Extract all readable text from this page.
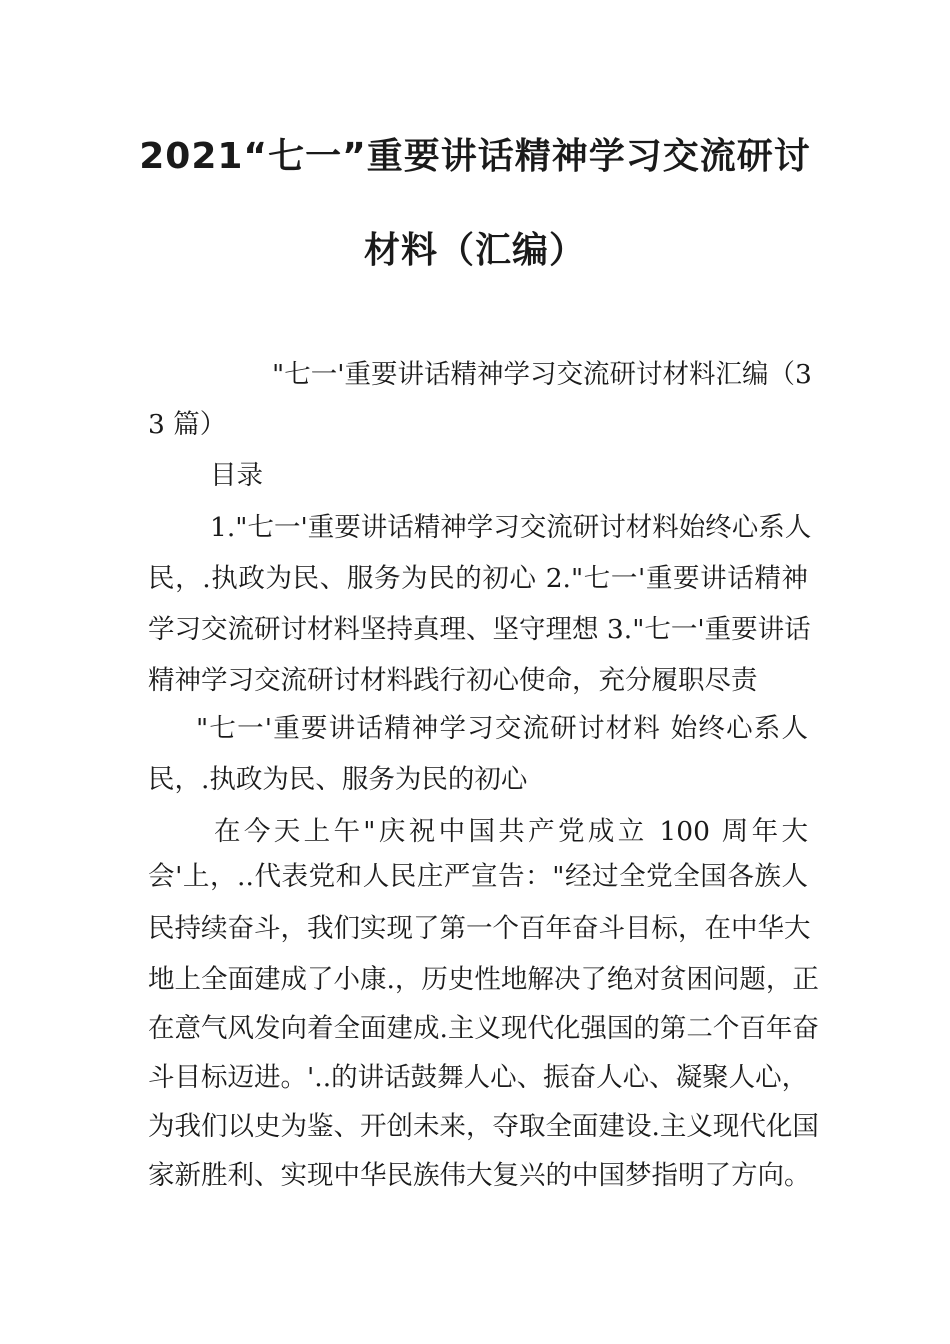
2021“七一”重要讲话精神学习交流研讨
材料（汇编）
"七一'重要讲话精神学习交流研讨材料汇编（3
3 篇）
目录
1."七一'重要讲话精神学习交流研讨材料始终心系人
民，.执政为民、服务为民的初心 2."七一'重要讲话精神
学习交流研讨材料坚持真理、坚守理想 3."七一'重要讲话
精神学习交流研讨材料践行初心使命，充分履职尽责
"七一'重要讲话精神学习交流研讨材料 始终心系人
民，.执政为民、服务为民的初心
在今天上午"庆祝中国共产党成立 100 周年大
会'上，..代表党和人民庄严宣告："经过全党全国各族人
民持续奋斗，我们实现了第一个百年奋斗目标，在中华大
地上全面建成了小康.，历史性地解决了绝对贫困问题，正
在意气风发向着全面建成.主义现代化强国的第二个百年奋
斗目标迈进。'..的讲话鼓舞人心、振奋人心、凝聚人心，
为我们以史为鉴、开创未来，夺取全面建设.主义现代化国
家新胜利、实现中华民族伟大复兴的中国梦指明了方向。
